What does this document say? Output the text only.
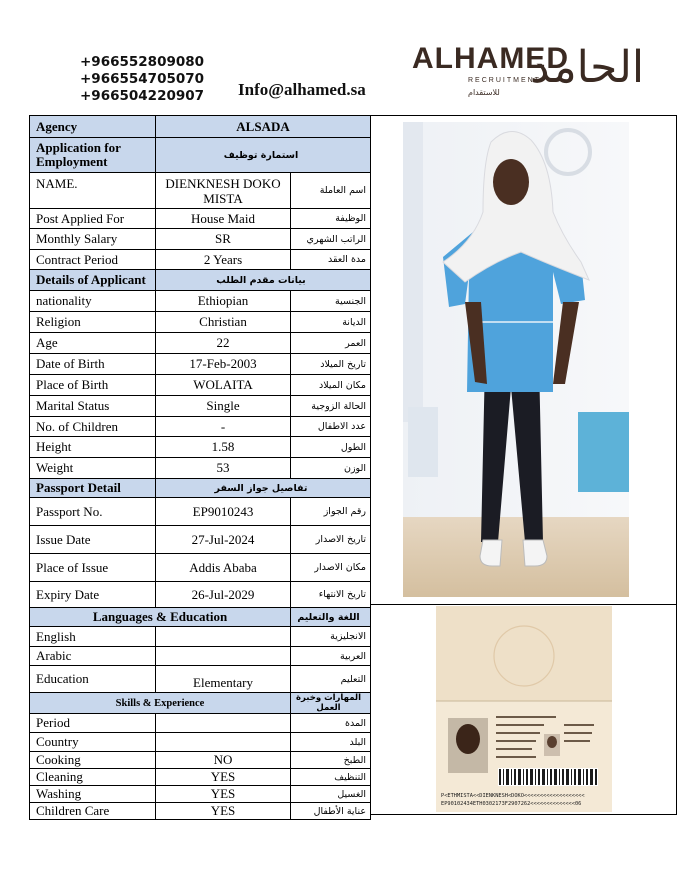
+966552809080
+966554705070
+966504220907 Info@alhamed.sa
ALHAMED
RECRUITMENT
الحامد
للاستقدام
Agency	ALSADA	
Application for Employment	استمارة توظيف	
NAME.	DIENKNESH DOKO MISTA	اسم العاملة
Post Applied For	House Maid	الوظيفة
Monthly Salary	SR	الراتب الشهري
Contract Period	2 Years	مدة العقد
Details of Applicant	بيانات مقدم الطلب	
nationality	Ethiopian	الجنسية
Religion	Christian	الديانة
Age	22	العمر
Date of Birth	17-Feb-2003	تاريخ الميلاد
Place of Birth	WOLAITA	مكان الميلاد
Marital Status	Single	الحالة الزوجية
No. of Children	-	عدد الاطفال
Height	1.58	الطول
Weight	53	الوزن
Passport Detail	تفاصيل جواز السفر	
Passport No.	EP9010243	رقم الجواز
Issue Date	27-Jul-2024	تاريخ الاصدار
Place of Issue	Addis Ababa	مكان الاصدار
Expiry Date	26-Jul-2029	تاريخ الانتهاء
Languages & Education		اللغة والتعليم
English		الانجليزية
Arabic		العربية
Education	Elementary	التعليم
Skills & Experience		المهارات وخبرة العمل
Period		المدة
Country		البلد
Cooking	NO	الطبخ
Cleaning	YES	التنظيف
Washing	YES	الغسيل
Children Care	YES	عناية الأطفال
P<ETHMISTA<<DIENKNESH<DOKO<<<<<<<<<<<<<<<<<<<
EP90102434ETH0302173F2907262<<<<<<<<<<<<<<06
